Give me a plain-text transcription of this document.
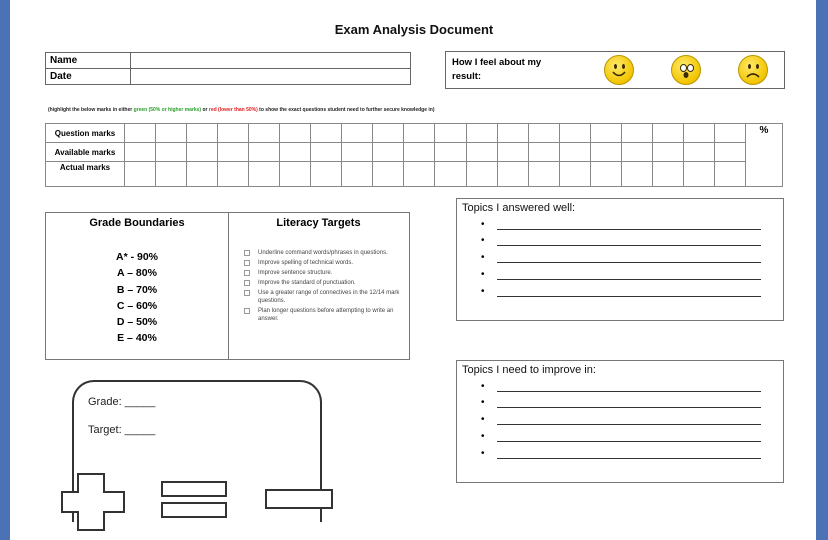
Exam Analysis Document
Name	
Date	
How I feel about my result:
(highlight the below marks in either green (50% or higher marks) or red (lower than 50%) to show the exact questions student need to further secure knowledge in)
Question marks																					%
Available marks																					
Actual marks																					
Grade Boundaries
A* - 90%
A – 80%
B – 70%
C – 60%
D – 50%
E – 40%
Literacy Targets
Underline command words/phrases in questions.
Improve spelling of technical words.
Improve sentence structure.
Improve the standard of punctuation.
Use a greater range of connectives in the 12/14 mark questions.
Plan longer questions before attempting to write an answer.
Topics I answered well:
•
•
•
•
•
Topics I need to improve in:
•
•
•
•
•
Grade: _____
Target: _____
